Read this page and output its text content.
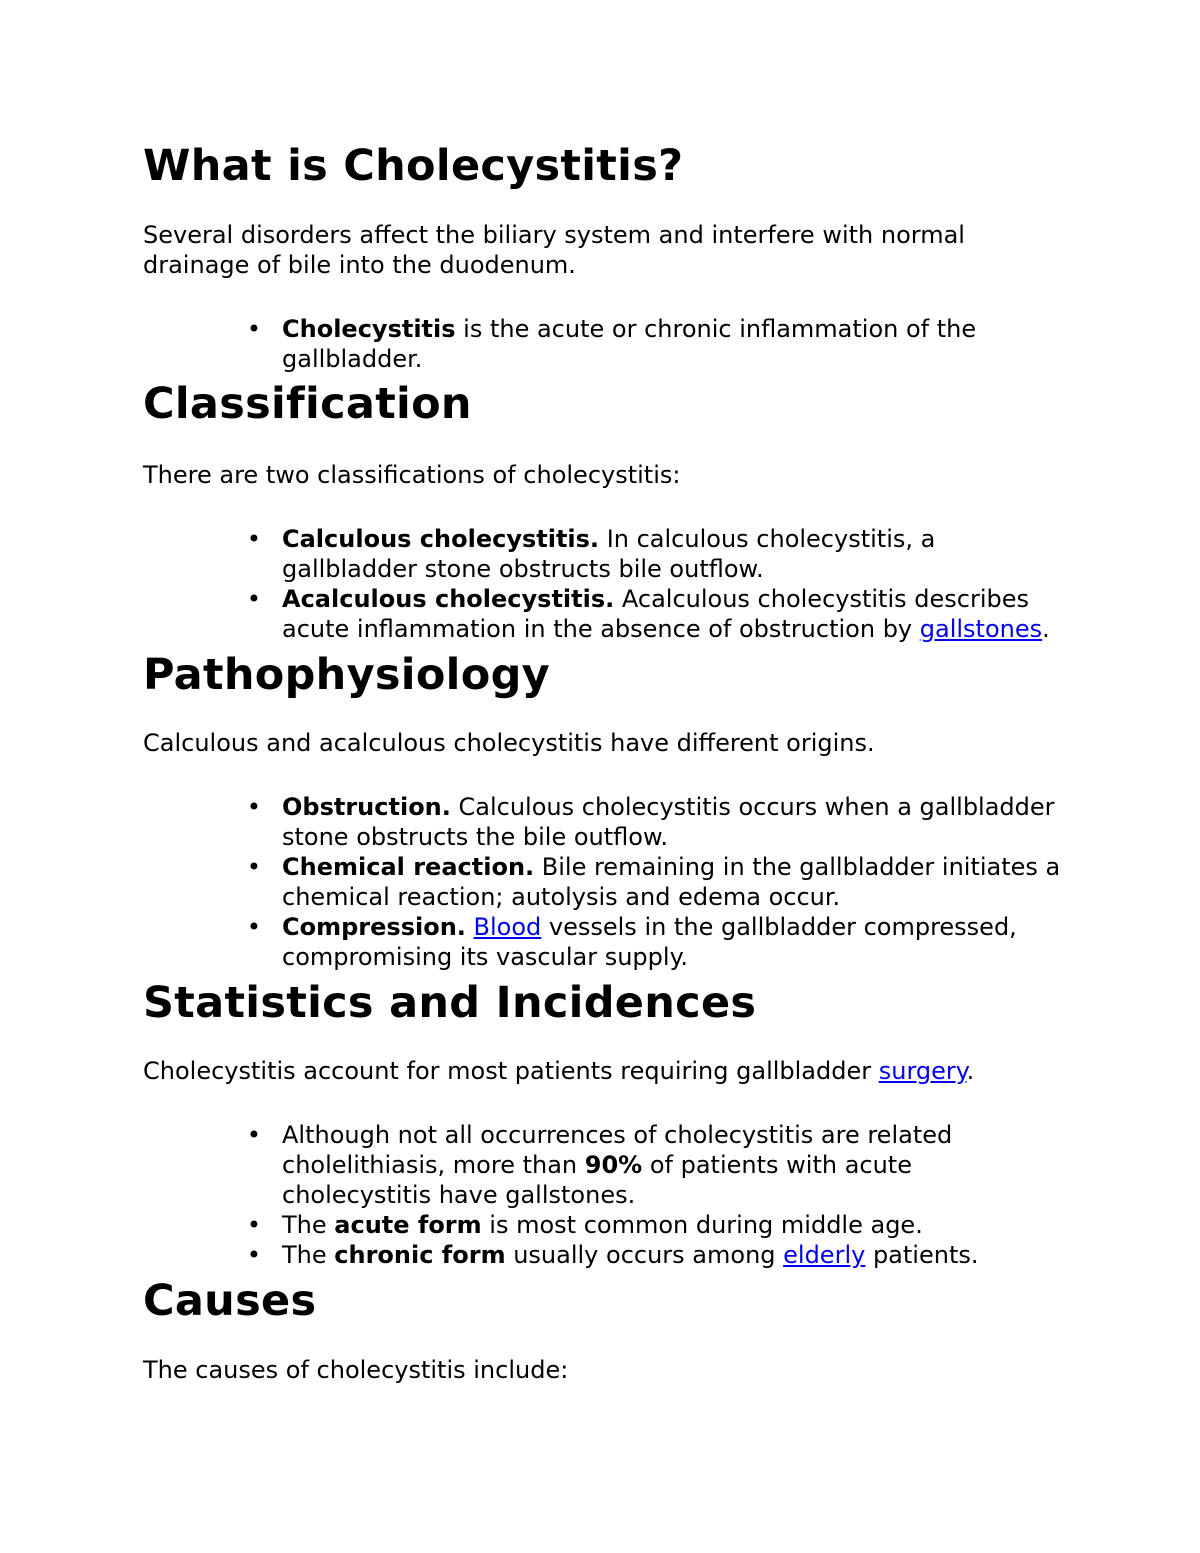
What is Cholecystitis?

Several disorders affect the biliary system and interfere with normal drainage of bile into the duodenum.

• Cholecystitis is the acute or chronic inflammation of the gallbladder.
Classification

There are two classifications of cholecystitis:

• Calculous cholecystitis. In calculous cholecystitis, a gallbladder stone obstructs bile outflow.
• Acalculous cholecystitis. Acalculous cholecystitis describes acute inflammation in the absence of obstruction by gallstones.
Pathophysiology

Calculous and acalculous cholecystitis have different origins.

• Obstruction. Calculous cholecystitis occurs when a gallbladder stone obstructs the bile outflow.
• Chemical reaction. Bile remaining in the gallbladder initiates a chemical reaction; autolysis and edema occur.
• Compression. Blood vessels in the gallbladder compressed, compromising its vascular supply.
Statistics and Incidences

Cholecystitis account for most patients requiring gallbladder surgery.

• Although not all occurrences of cholecystitis are related cholelithiasis, more than 90% of patients with acute cholecystitis have gallstones.
• The acute form is most common during middle age.
• The chronic form usually occurs among elderly patients.
Causes

The causes of cholecystitis include:
